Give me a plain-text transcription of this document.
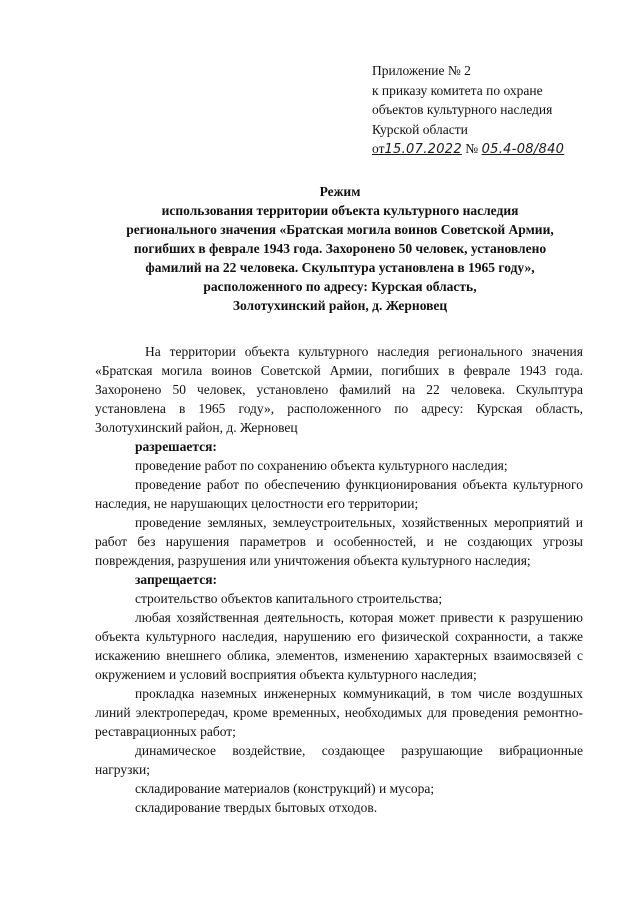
Приложение № 2
к приказу комитета по охране
объектов культурного наследия
Курской области
от15.07.2022 № 05.4-08/840
Режим
использования территории объекта культурного наследия
регионального значения «Братская могила воинов Советской Армии,
погибших в феврале 1943 года. Захоронено 50 человек, установлено
фамилий на 22 человека. Скульптура установлена в 1965 году»,
расположенного по адресу: Курская область,
Золотухинский район, д. Жерновец

На территории объекта культурного наследия регионального значения «Братская могила воинов Советской Армии, погибших в феврале 1943 года. Захоронено 50 человек, установлено фамилий на 22 человека. Скульптура установлена в 1965 году», расположенного по адресу: Курская область, Золотухинский район, д. Жерновец

разрешается:

проведение работ по сохранению объекта культурного наследия;

проведение работ по обеспечению функционирования объекта культурного наследия, не нарушающих целостности его территории;

проведение земляных, землеустроительных, хозяйственных мероприятий и работ без нарушения параметров и особенностей, и не создающих угрозы повреждения, разрушения или уничтожения объекта культурного наследия;

запрещается:

строительство объектов капитального строительства;

любая хозяйственная деятельность, которая может привести к разрушению объекта культурного наследия, нарушению его физической сохранности, а также искажению внешнего облика, элементов, изменению характерных взаимосвязей с окружением и условий восприятия объекта культурного наследия;

прокладка наземных инженерных коммуникаций, в том числе воздушных линий электропередач, кроме временных, необходимых для проведения ремонтно-реставрационных работ;

динамическое воздействие, создающее разрушающие вибрационные нагрузки;

складирование материалов (конструкций) и мусора;

складирование твердых бытовых отходов.
